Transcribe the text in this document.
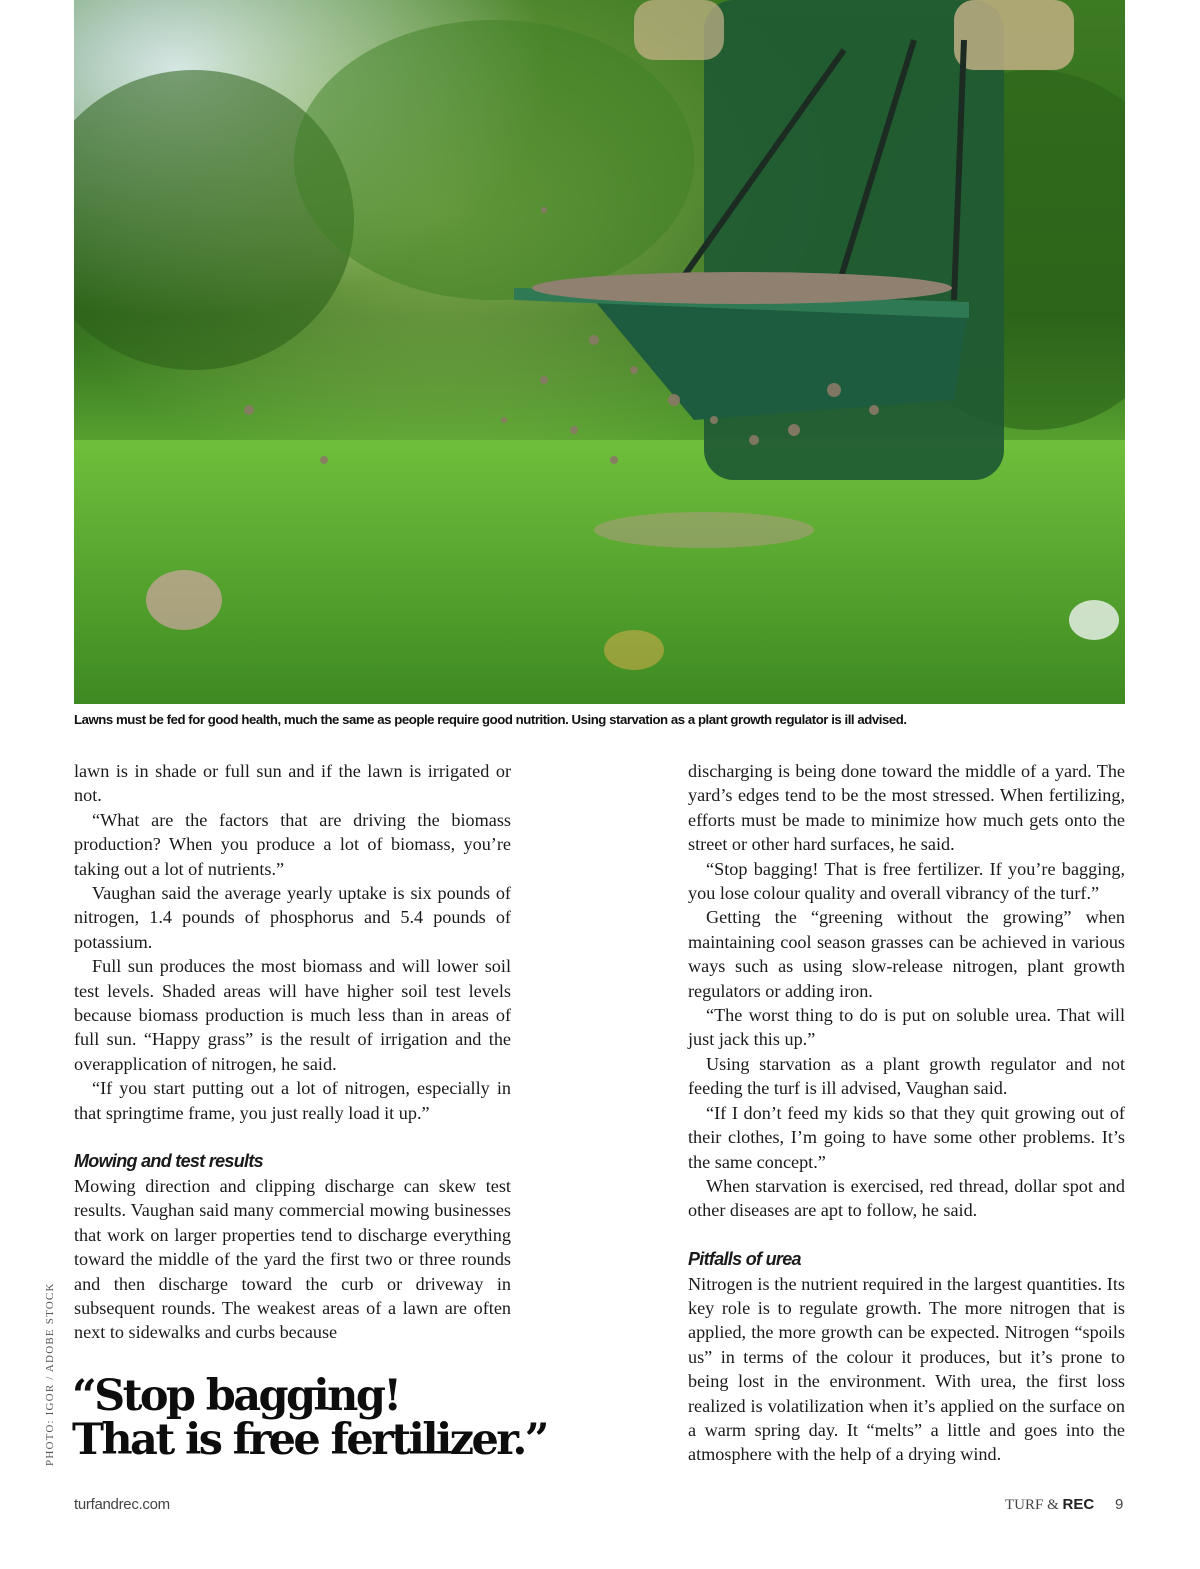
Lawns must be fed for good health, much the same as people require good nutrition. Using starvation as a plant growth regulator is ill advised.
PHOTO: IGOR / ADOBE STOCK

lawn is in shade or full sun and if the lawn is irrigated or not.

“What are the factors that are driving the biomass production? When you produce a lot of biomass, you’re taking out a lot of nutrients.”

Vaughan said the average yearly uptake is six pounds of nitrogen, 1.4 pounds of phosphorus and 5.4 pounds of potassium.

Full sun produces the most biomass and will lower soil test levels. Shaded areas will have higher soil test levels because biomass production is much less than in areas of full sun. “Happy grass” is the result of irrigation and the overapplication of nitrogen, he said.

“If you start putting out a lot of nitrogen, especially in that springtime frame, you just really load it up.”

Mowing and test results

Mowing direction and clipping discharge can skew test results. Vaughan said many commercial mowing businesses that work on larger properties tend to discharge everything toward the middle of the yard the first two or three rounds and then discharge toward the curb or driveway in subsequent rounds. The weakest areas of a lawn are often next to sidewalks and curbs because

discharging is being done toward the middle of a yard. The yard’s edges tend to be the most stressed. When fertilizing, efforts must be made to minimize how much gets onto the street or other hard surfaces, he said.

“Stop bagging! That is free fertilizer. If you’re bagging, you lose colour quality and overall vibrancy of the turf.”

Getting the “greening without the growing” when maintaining cool season grasses can be achieved in various ways such as using slow-release nitrogen, plant growth regulators or adding iron.

“The worst thing to do is put on soluble urea. That will just jack this up.”

Using starvation as a plant growth regulator and not feeding the turf is ill advised, Vaughan said.

“If I don’t feed my kids so that they quit growing out of their clothes, I’m going to have some other problems. It’s the same concept.”

When starvation is exercised, red thread, dollar spot and other diseases are apt to follow, he said.

Pitfalls of urea

Nitrogen is the nutrient required in the largest quantities. Its key role is to regulate growth. The more nitrogen that is applied, the more growth can be expected. Nitrogen “spoils us” in terms of the colour it produces, but it’s prone to being lost in the environment. With urea, the first loss realized is volatilization when it’s applied on the surface on a warm spring day. It “melts” a little and goes into the atmosphere with the help of a drying wind.

“Stop bagging!
That is free fertilizer.”
turfandrec.com	TURF & REC 9
